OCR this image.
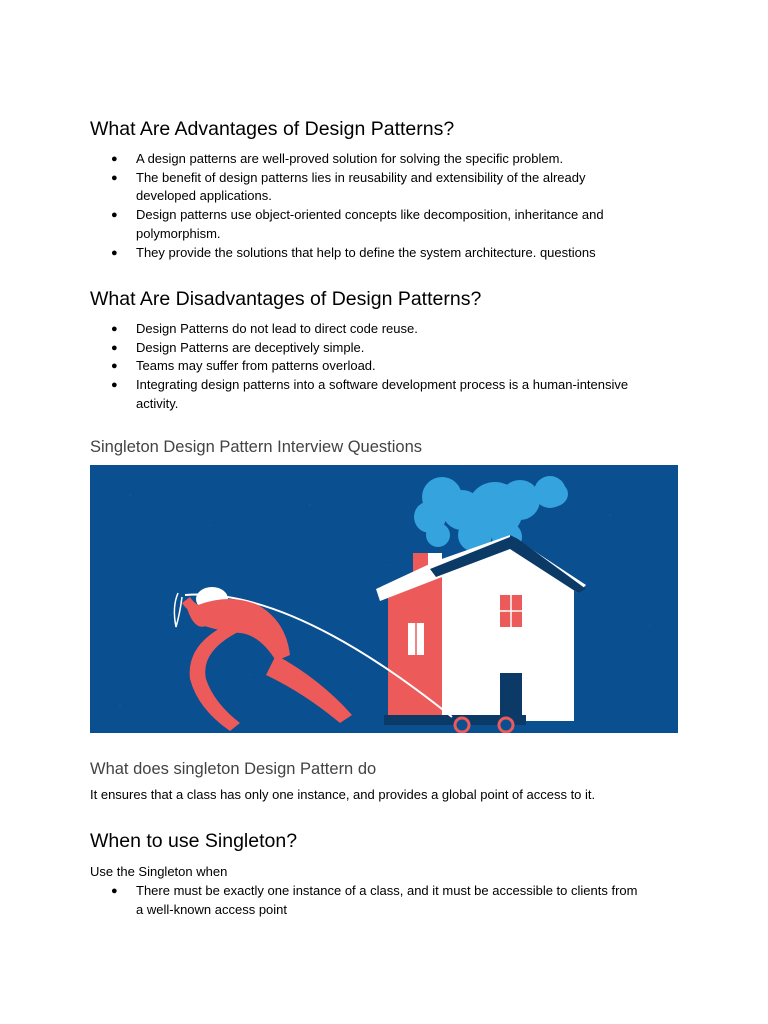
What Are Advantages of Design Patterns?
● A design patterns are well-proved solution for solving the specific problem.
● The benefit of design patterns lies in reusability and extensibility of the already
developed applications.
● Design patterns use object-oriented concepts like decomposition, inheritance and
polymorphism.
● They provide the solutions that help to define the system architecture. questions
What Are Disadvantages of Design Patterns?
● Design Patterns do not lead to direct code reuse.
● Design Patterns are deceptively simple.
● Teams may suffer from patterns overload.
● Integrating design patterns into a software development process is a human-intensive
activity.
Singleton Design Pattern Interview Questions
What does singleton Design Pattern do

It ensures that a class has only one instance, and provides a global point of access to it.

When to use Singleton?

Use the Singleton when

● There must be exactly one instance of a class, and it must be accessible to clients from
a well-known access point
